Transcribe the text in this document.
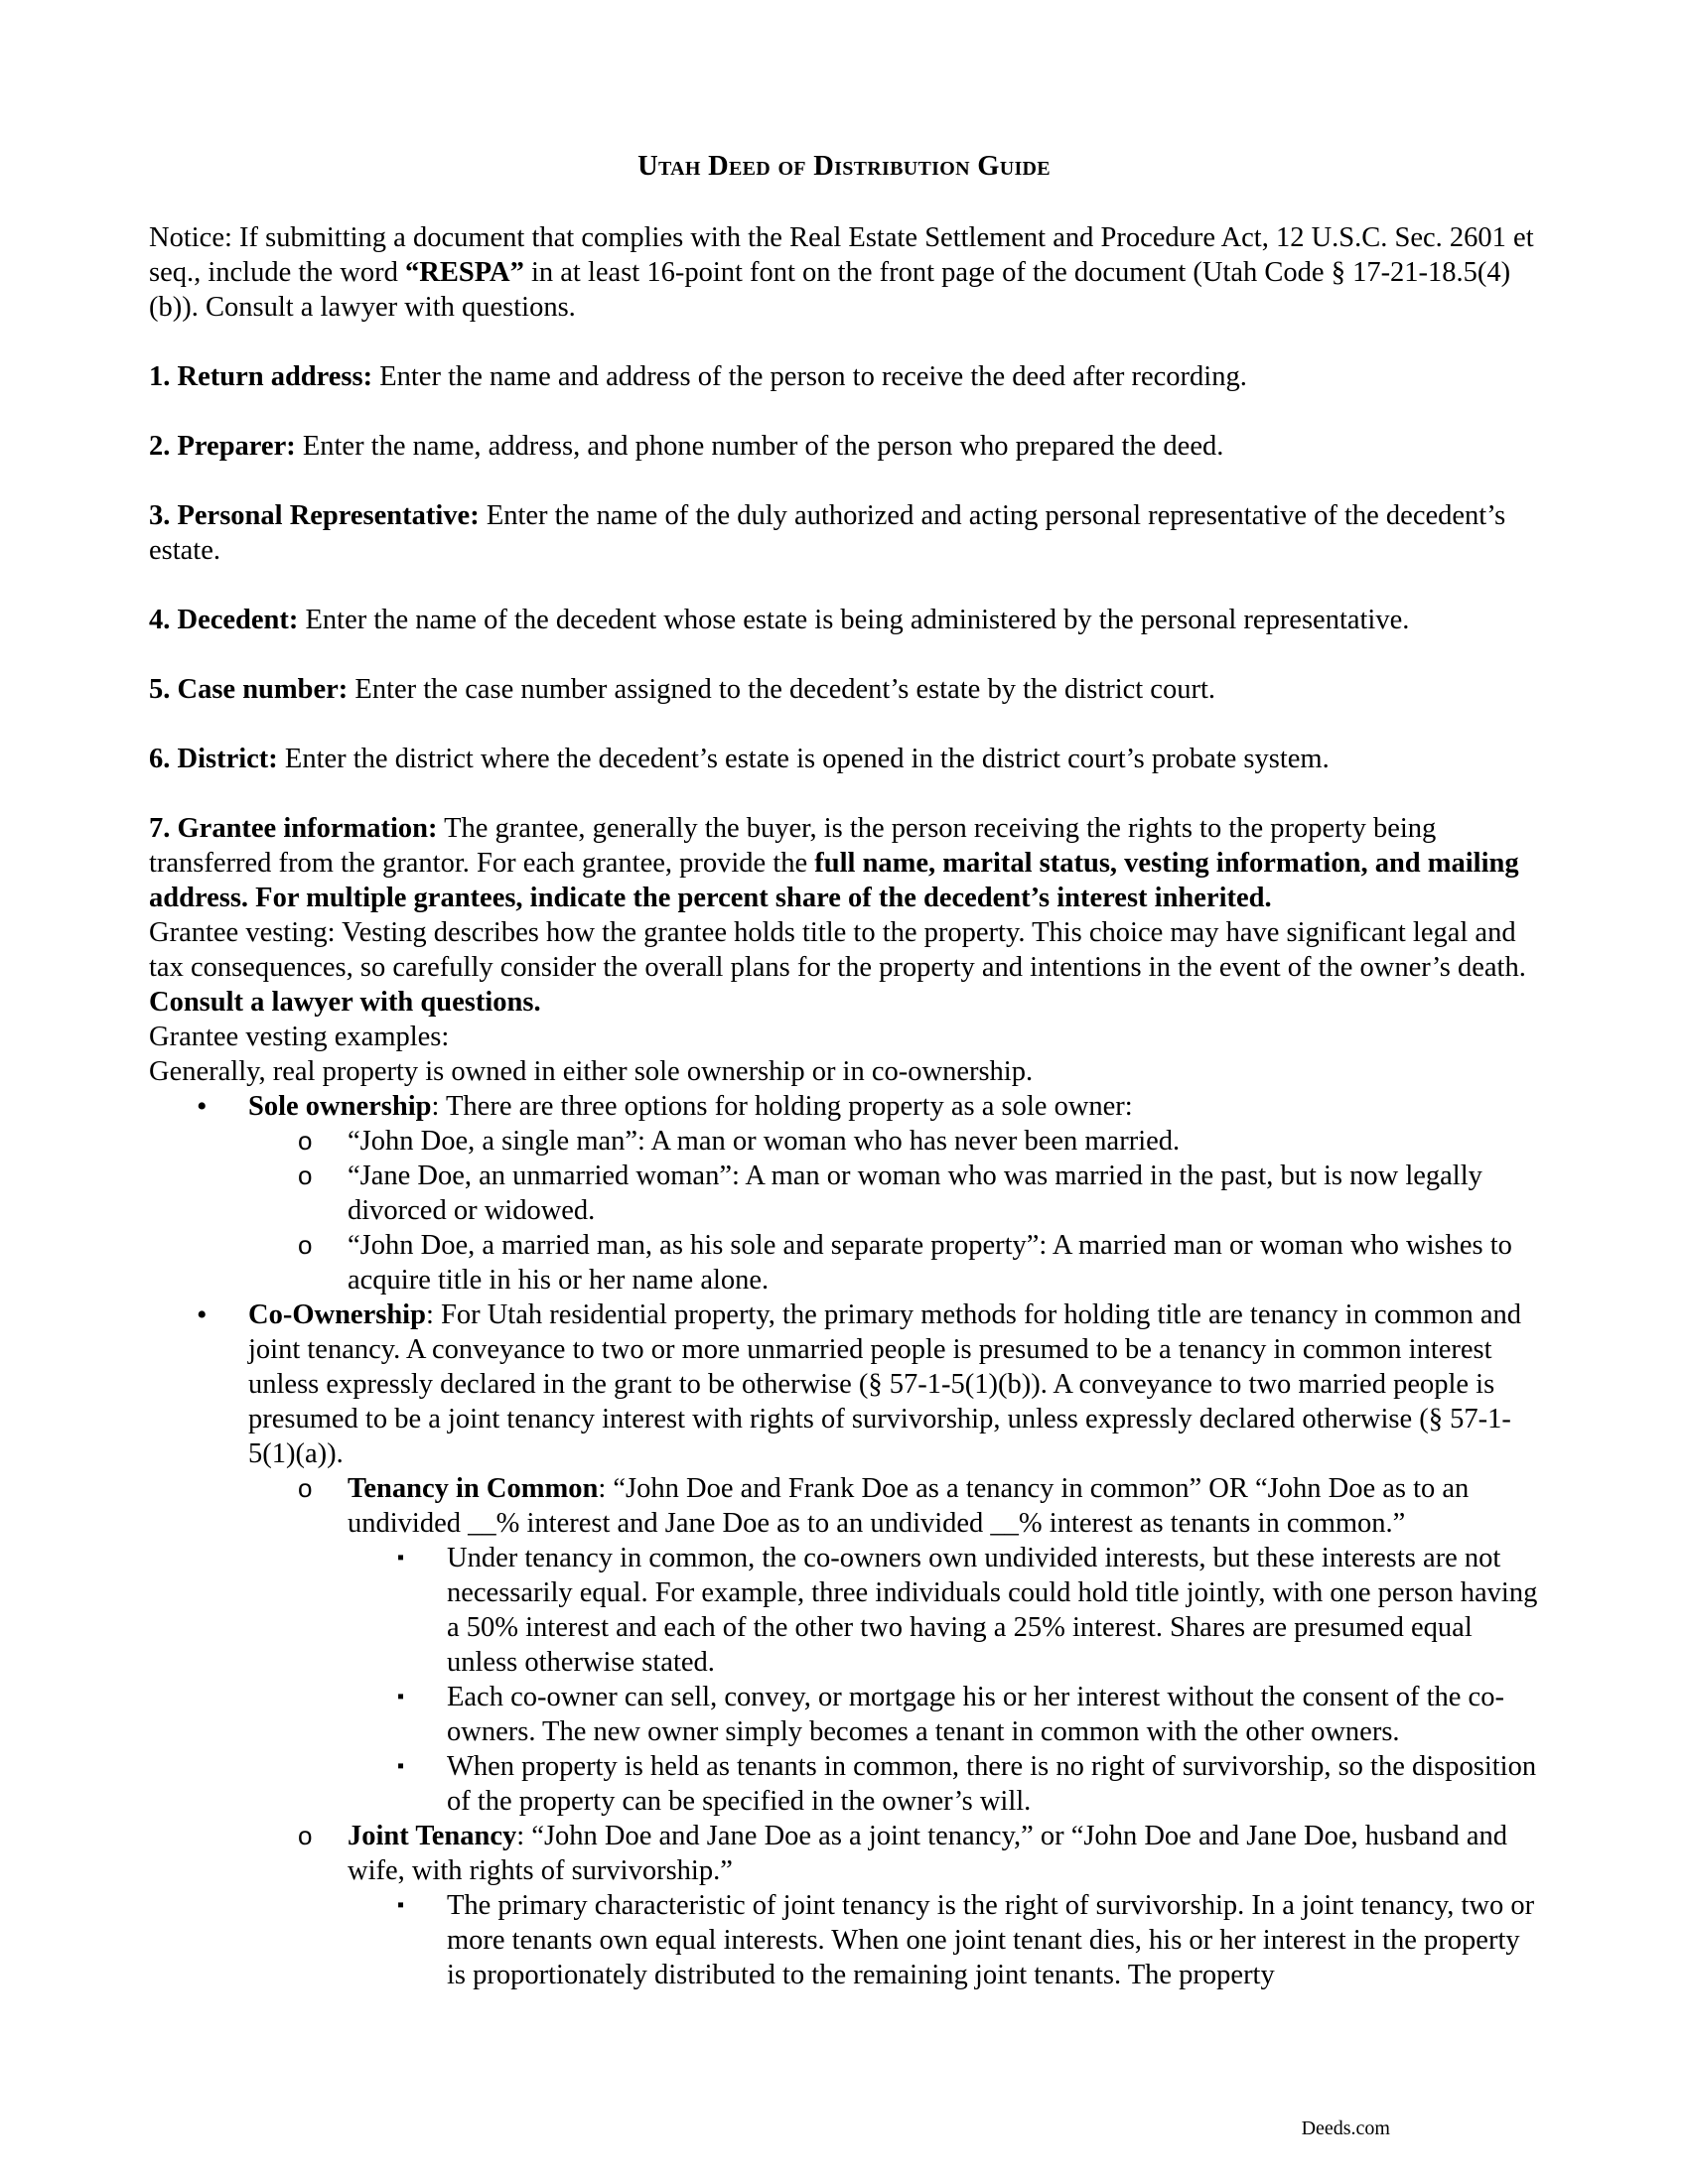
Utah Deed of Distribution Guide

Notice: If submitting a document that complies with the Real Estate Settlement and Procedure Act, 12 U.S.C. Sec. 2601 et seq., include the word “RESPA” in at least 16-point font on the front page of the document (Utah Code § 17-21-18.5(4)(b)). Consult a lawyer with questions.

1. Return address: Enter the name and address of the person to receive the deed after recording.

2. Preparer: Enter the name, address, and phone number of the person who prepared the deed.

3. Personal Representative: Enter the name of the duly authorized and acting personal representative of the decedent’s estate.

4. Decedent: Enter the name of the decedent whose estate is being administered by the personal representative.

5. Case number: Enter the case number assigned to the decedent’s estate by the district court.

6. District: Enter the district where the decedent’s estate is opened in the district court’s probate system.

7. Grantee information: The grantee, generally the buyer, is the person receiving the rights to the property being transferred from the grantor. For each grantee, provide the full name, marital status, vesting information, and mailing address. For multiple grantees, indicate the percent share of the decedent’s interest inherited.

Grantee vesting: Vesting describes how the grantee holds title to the property. This choice may have significant legal and tax consequences, so carefully consider the overall plans for the property and intentions in the event of the owner’s death. Consult a lawyer with questions.

Grantee vesting examples:

Generally, real property is owned in either sole ownership or in co-ownership.

• Sole ownership: There are three options for holding property as a sole owner:
o “John Doe, a single man”: A man or woman who has never been married.
o “Jane Doe, an unmarried woman”: A man or woman who was married in the past, but is now legally divorced or widowed.
o “John Doe, a married man, as his sole and separate property”: A married man or woman who wishes to acquire title in his or her name alone.
• Co-Ownership: For Utah residential property, the primary methods for holding title are tenancy in common and joint tenancy. A conveyance to two or more unmarried people is presumed to be a tenancy in common interest unless expressly declared in the grant to be otherwise (§ 57-1-5(1)(b)). A conveyance to two married people is presumed to be a joint tenancy interest with rights of survivorship, unless expressly declared otherwise (§ 57-1-5(1)(a)).
o Tenancy in Common: “John Doe and Frank Doe as a tenancy in common” OR “John Doe as to an undivided __% interest and Jane Doe as to an undivided __% interest as tenants in common.”
▪ Under tenancy in common, the co-owners own undivided interests, but these interests are not necessarily equal. For example, three individuals could hold title jointly, with one person having a 50% interest and each of the other two having a 25% interest. Shares are presumed equal unless otherwise stated.
▪ Each co-owner can sell, convey, or mortgage his or her interest without the consent of the co-owners. The new owner simply becomes a tenant in common with the other owners.
▪ When property is held as tenants in common, there is no right of survivorship, so the disposition of the property can be specified in the owner’s will.
o Joint Tenancy: “John Doe and Jane Doe as a joint tenancy,” or “John Doe and Jane Doe, husband and wife, with rights of survivorship.”
▪ The primary characteristic of joint tenancy is the right of survivorship. In a joint tenancy, two or more tenants own equal interests. When one joint tenant dies, his or her interest in the property is proportionately distributed to the remaining joint tenants. The property
Deeds.com
